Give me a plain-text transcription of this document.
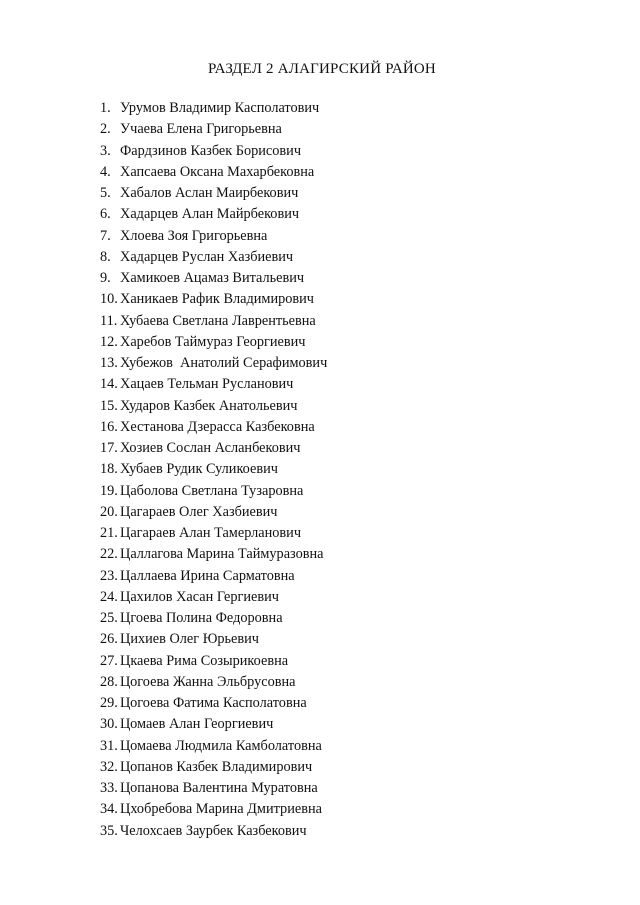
РАЗДЕЛ 2 АЛАГИРСКИЙ РАЙОН
1. Урумов Владимир Касполатович
2. Учаева Елена Григорьевна
3. Фардзинов Казбек Борисович
4. Хапсаева Оксана Махарбековна
5. Хабалов Аслан Маирбекович
6. Хадарцев Алан Майрбекович
7. Хлоева Зоя Григорьевна
8. Хадарцев Руслан Хазбиевич
9. Хамикоев Ацамаз Витальевич
10. Ханикаев Рафик Владимирович
11. Хубаева Светлана Лаврентьевна
12. Харебов Таймураз Георгиевич
13. Хубежов  Анатолий Серафимович
14. Хацаев Тельман Русланович
15. Хударов Казбек Анатольевич
16. Хестанова Дзерасса Казбековна
17. Хозиев Сослан Асланбекович
18. Хубаев Рудик Суликоевич
19. Цаболова Светлана Тузаровна
20. Цагараев Олег Хазбиевич
21. Цагараев Алан Тамерланович
22. Цаллагова Марина Таймуразовна
23. Цаллаева Ирина Сарматовна
24. Цахилов Хасан Гергиевич
25. Цгоева Полина Федоровна
26. Цихиев Олег Юрьевич
27. Цкаева Рима Созырикоевна
28. Цогоева Жанна Эльбрусовна
29. Цогоева Фатима Касполатовна
30. Цомаев Алан Георгиевич
31. Цомаева Людмила Камболатовна
32. Цопанов Казбек Владимирович
33. Цопанова Валентина Муратовна
34. Цхобребова Марина Дмитриевна
35. Челохсаев Заурбек Казбекович
